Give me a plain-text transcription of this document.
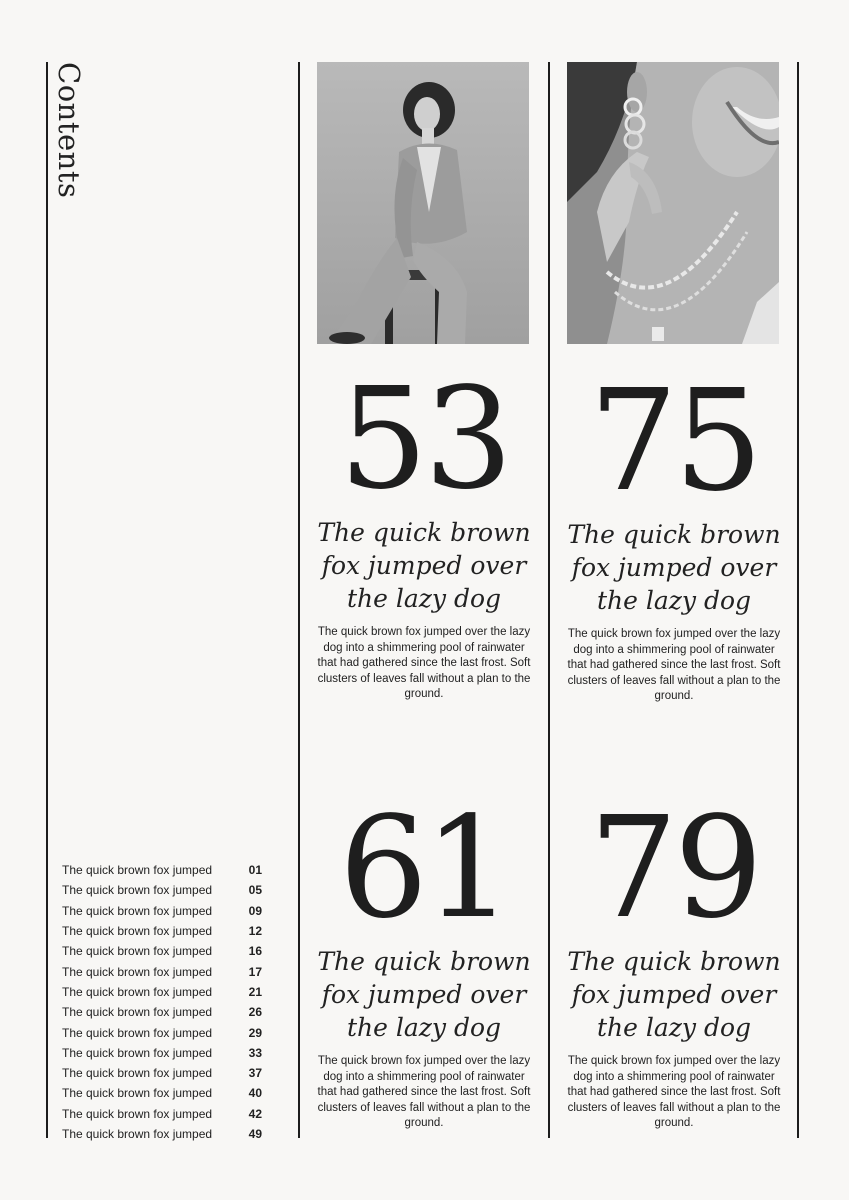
Contents
The quick brown fox jumped	01
The quick brown fox jumped	05
The quick brown fox jumped	09
The quick brown fox jumped	12
The quick brown fox jumped	16
The quick brown fox jumped	17
The quick brown fox jumped	21
The quick brown fox jumped	26
The quick brown fox jumped	29
The quick brown fox jumped	33
The quick brown fox jumped	37
The quick brown fox jumped	40
The quick brown fox jumped	42
The quick brown fox jumped	49
53
The quick brown fox jumped over the lazy dog
The quick brown fox jumped over the lazy dog into a shimmering pool of rainwater that had gathered since the last frost. Soft clusters of leaves fall without a plan to the ground.
75
The quick brown fox jumped over the lazy dog
The quick brown fox jumped over the lazy dog into a shimmering pool of rainwater that had gathered since the last frost. Soft clusters of leaves fall without a plan to the ground.
61
The quick brown fox jumped over the lazy dog
The quick brown fox jumped over the lazy dog into a shimmering pool of rainwater that had gathered since the last frost. Soft clusters of leaves fall without a plan to the ground.
79
The quick brown fox jumped over the lazy dog
The quick brown fox jumped over the lazy dog into a shimmering pool of rainwater that had gathered since the last frost. Soft clusters of leaves fall without a plan to the ground.
